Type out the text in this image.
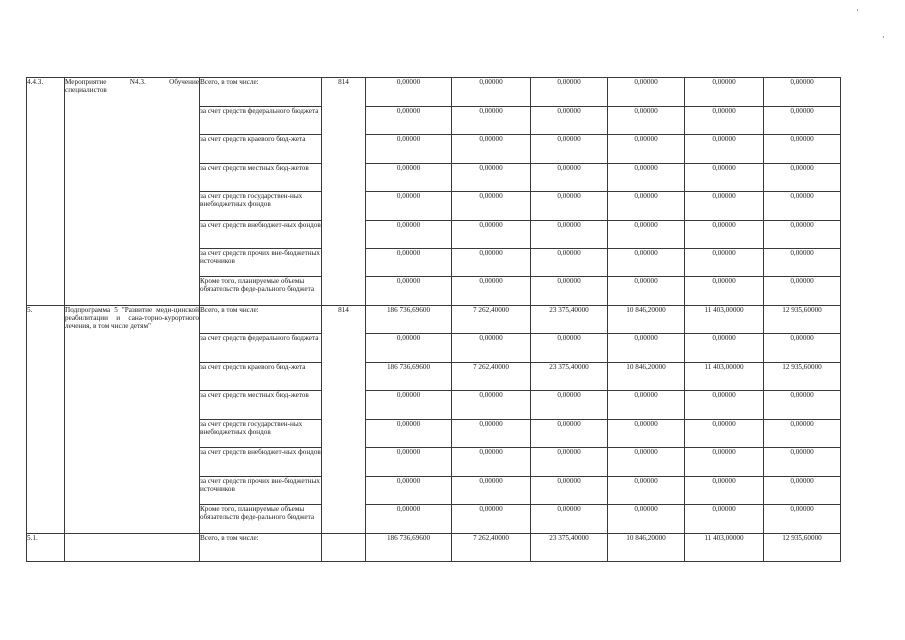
4.4.3.	Мероприятие N4.3. Обучение специалистов	Всего, в том числе:	814	0,00000	0,00000	0,00000	0,00000	0,00000	0,00000
		за счет средств федерального бюджета		0,00000	0,00000	0,00000	0,00000	0,00000	0,00000
		за счет средств краевого бюд-жета		0,00000	0,00000	0,00000	0,00000	0,00000	0,00000
		за счет средств местных бюд-жетов		0,00000	0,00000	0,00000	0,00000	0,00000	0,00000
		за счет средств государствен-ных внебюджетных фондов		0,00000	0,00000	0,00000	0,00000	0,00000	0,00000
		за счет средств внебюджет-ных фондов		0,00000	0,00000	0,00000	0,00000	0,00000	0,00000
		за счет средств прочих вне-бюджетных источников		0,00000	0,00000	0,00000	0,00000	0,00000	0,00000
		Кроме того, планируемые объемы обязательств феде-рального бюджета		0,00000	0,00000	0,00000	0,00000	0,00000	0,00000
5.	Подпрограмма 5 "Развитие меди-цинской реабилитации и сана-торно-курортного лечения, в том числе детям"	Всего, в том числе:	814	186 736,69600	7 262,40000	23 375,40000	10 846,20000	11 403,00000	12 935,60000
		за счет средств федерального бюджета		0,00000	0,00000	0,00000	0,00000	0,00000	0,00000
		за счет средств краевого бюд-жета		186 736,69600	7 262,40000	23 375,40000	10 846,20000	11 403,00000	12 935,60000
		за счет средств местных бюд-жетов		0,00000	0,00000	0,00000	0,00000	0,00000	0,00000
		за счет средств государствен-ных внебюджетных фондов		0,00000	0,00000	0,00000	0,00000	0,00000	0,00000
		за счет средств внебюджет-ных фондов		0,00000	0,00000	0,00000	0,00000	0,00000	0,00000
		за счет средств прочих вне-бюджетных источников		0,00000	0,00000	0,00000	0,00000	0,00000	0,00000
		Кроме того, планируемые объемы обязательств феде-рального бюджета		0,00000	0,00000	0,00000	0,00000	0,00000	0,00000
5.1.		Всего, в том числе:		186 736,69600	7 262,40000	23 375,40000	10 846,20000	11 403,00000	12 935,60000
